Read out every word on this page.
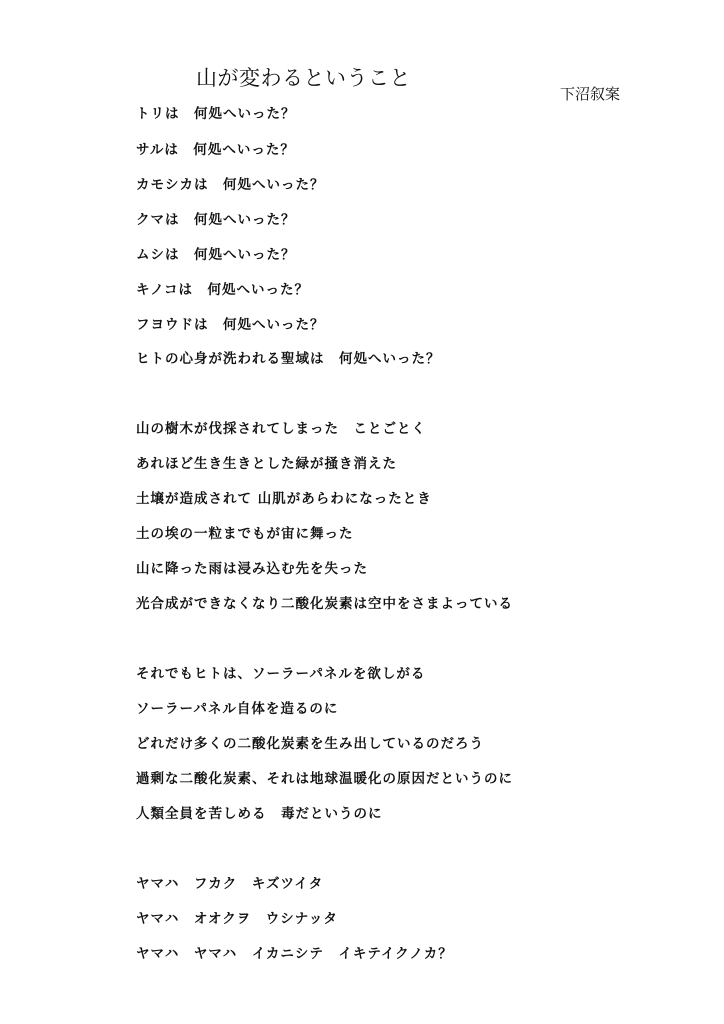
山が変わるということ
下沼叙案
トリは　何処へいった？
サルは　何処へいった？
カモシカは　何処へいった？
クマは　何処へいった？
ムシは　何処へいった？
キノコは　何処へいった？
フヨウドは　何処へいった？
ヒトの心身が洗われる聖域は　何処へいった？
山の樹木が伐採されてしまった　ことごとく
あれほど生き生きとした緑が掻き消えた
土壌が造成されて 山肌があらわになったとき
土の埃の一粒までもが宙に舞った
山に降った雨は浸み込む先を失った
光合成ができなくなり二酸化炭素は空中をさまよっている
それでもヒトは、ソーラーパネルを欲しがる
ソーラーパネル自体を造るのに
どれだけ多くの二酸化炭素を生み出しているのだろう
過剰な二酸化炭素、それは地球温暖化の原因だというのに
人類全員を苦しめる　毒だというのに
ヤマハ　フカク　キズツイタ
ヤマハ　オオクヲ　ウシナッタ
ヤマハ　ヤマハ　イカニシテ　イキテイクノカ？
